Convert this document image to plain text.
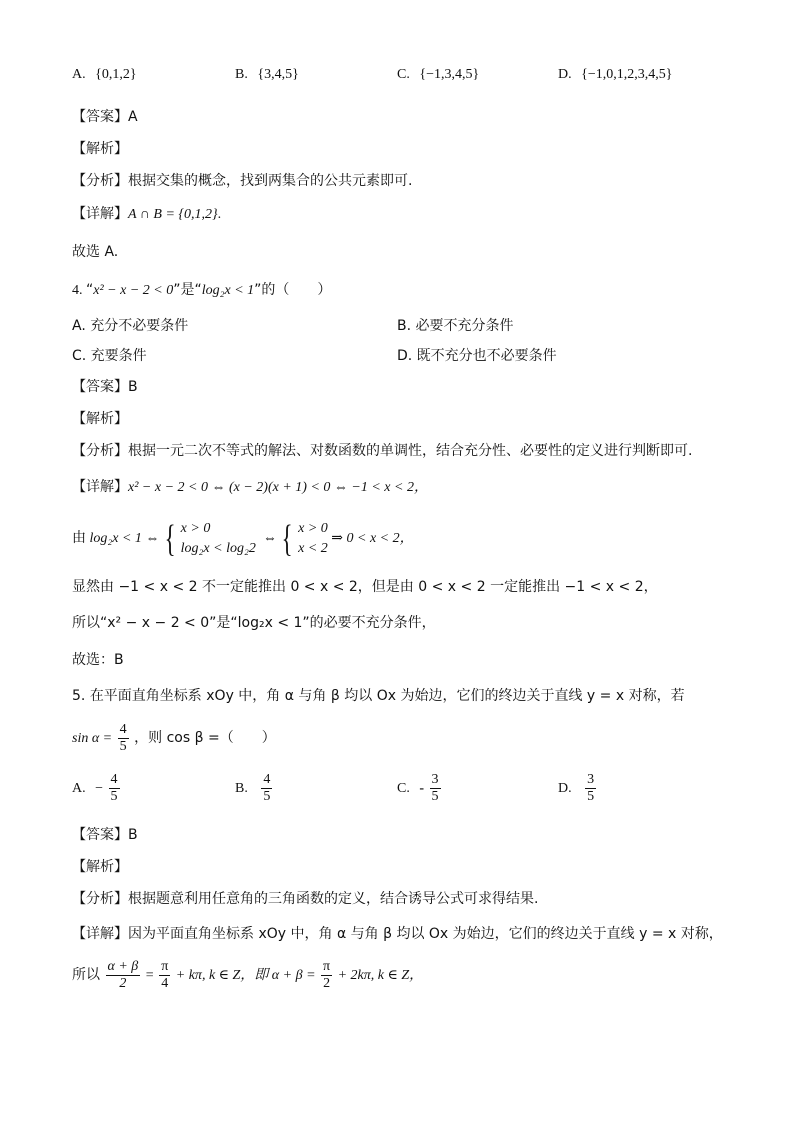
A. {0,1,2}	B. {3,4,5}	C. {−1,3,4,5}	D. {−1,0,1,2,3,4,5}
【答案】A
【解析】
【分析】根据交集的概念，找到两集合的公共元素即可.
【详解】A ∩ B = {0,1,2}.
故选 A.
4. “x² − x − 2 < 0”是“log₂x < 1”的（　　）
A. 充分不必要条件	B. 必要不充分条件
C. 充要条件	D. 既不充分也不必要条件
【答案】B
【解析】
【分析】根据一元二次不等式的解法、对数函数的单调性，结合充分性、必要性的定义进行判断即可.
【详解】x² − x − 2 < 0 ⇔ (x − 2)(x + 1) < 0 ⇔ −1 < x < 2，
由 log₂x < 1 ⇔ { x > 0
log₂x < log₂2
⇔ { x > 0
x < 2
⇒ 0 < x < 2，
显然由 −1 < x < 2 不一定能推出 0 < x < 2，但是由 0 < x < 2 一定能推出 −1 < x < 2，
所以“x² − x − 2 < 0”是“log₂x < 1”的必要不充分条件，
故选：B
5. 在平面直角坐标系 xOy 中，角 α 与角 β 均以 Ox 为始边，它们的终边关于直线 y = x 对称，若
$\sin \alpha = \frac{4}{5}$ ，则 cos β =（　　）
A. − $\frac{4}{5}$	B. $\frac{4}{5}$	C. - $\frac{3}{5}$	D. $\frac{3}{5}$
【答案】B
【解析】
【分析】根据题意利用任意角的三角函数的定义，结合诱导公式可求得结果.
【详解】因为平面直角坐标系 xOy 中，角 α 与角 β 均以 Ox 为始边，它们的终边关于直线 y = x 对称，
所以 $\frac{\alpha + \beta}{2} = \frac{\pi}{4} + k\pi$, k ∈ Z，即 $\alpha + \beta = \frac{\pi}{2} + 2k\pi$, k ∈ Z，
